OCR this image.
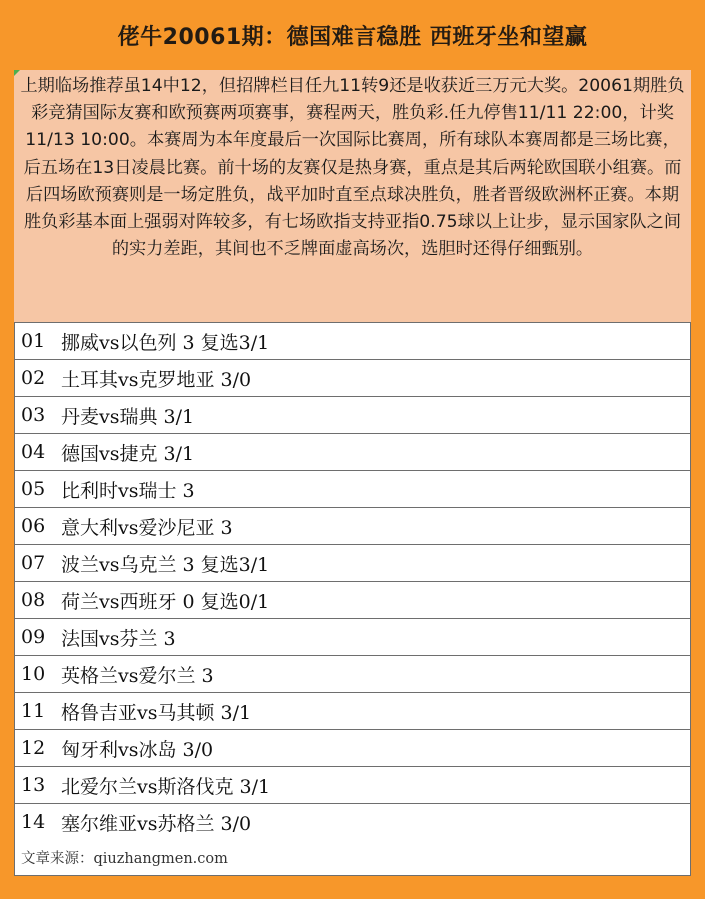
佬牛20061期：德国难言稳胜 西班牙坐和望赢
上期临场推荐虽14中12，但招牌栏目任九11转9还是收获近三万元大奖。20061期胜负彩竞猜国际友赛和欧预赛两项赛事，赛程两天，胜负彩.任九停售11/11 22:00，计奖11/13 10:00。本赛周为本年度最后一次国际比赛周，所有球队本赛周都是三场比赛，后五场在13日凌晨比赛。前十场的友赛仅是热身赛，重点是其后两轮欧国联小组赛。而后四场欧预赛则是一场定胜负，战平加时直至点球决胜负，胜者晋级欧洲杯正赛。本期胜负彩基本面上强弱对阵较多，有七场欧指支持亚指0.75球以上让步，显示国家队之间的实力差距，其间也不乏牌面虚高场次，选胆时还得仔细甄别。
01 挪威vs以色列 3 复选3/1
02 土耳其vs克罗地亚 3/0
03 丹麦vs瑞典 3/1
04 德国vs捷克 3/1
05 比利时vs瑞士 3
06 意大利vs爱沙尼亚 3
07 波兰vs乌克兰 3 复选3/1
08 荷兰vs西班牙 0 复选0/1
09 法国vs芬兰 3
10 英格兰vs爱尔兰 3
11 格鲁吉亚vs马其顿 3/1
12 匈牙利vs冰岛 3/0
13 北爱尔兰vs斯洛伐克 3/1
14 塞尔维亚vs苏格兰 3/0
文章来源：qiuzhangmen.com
